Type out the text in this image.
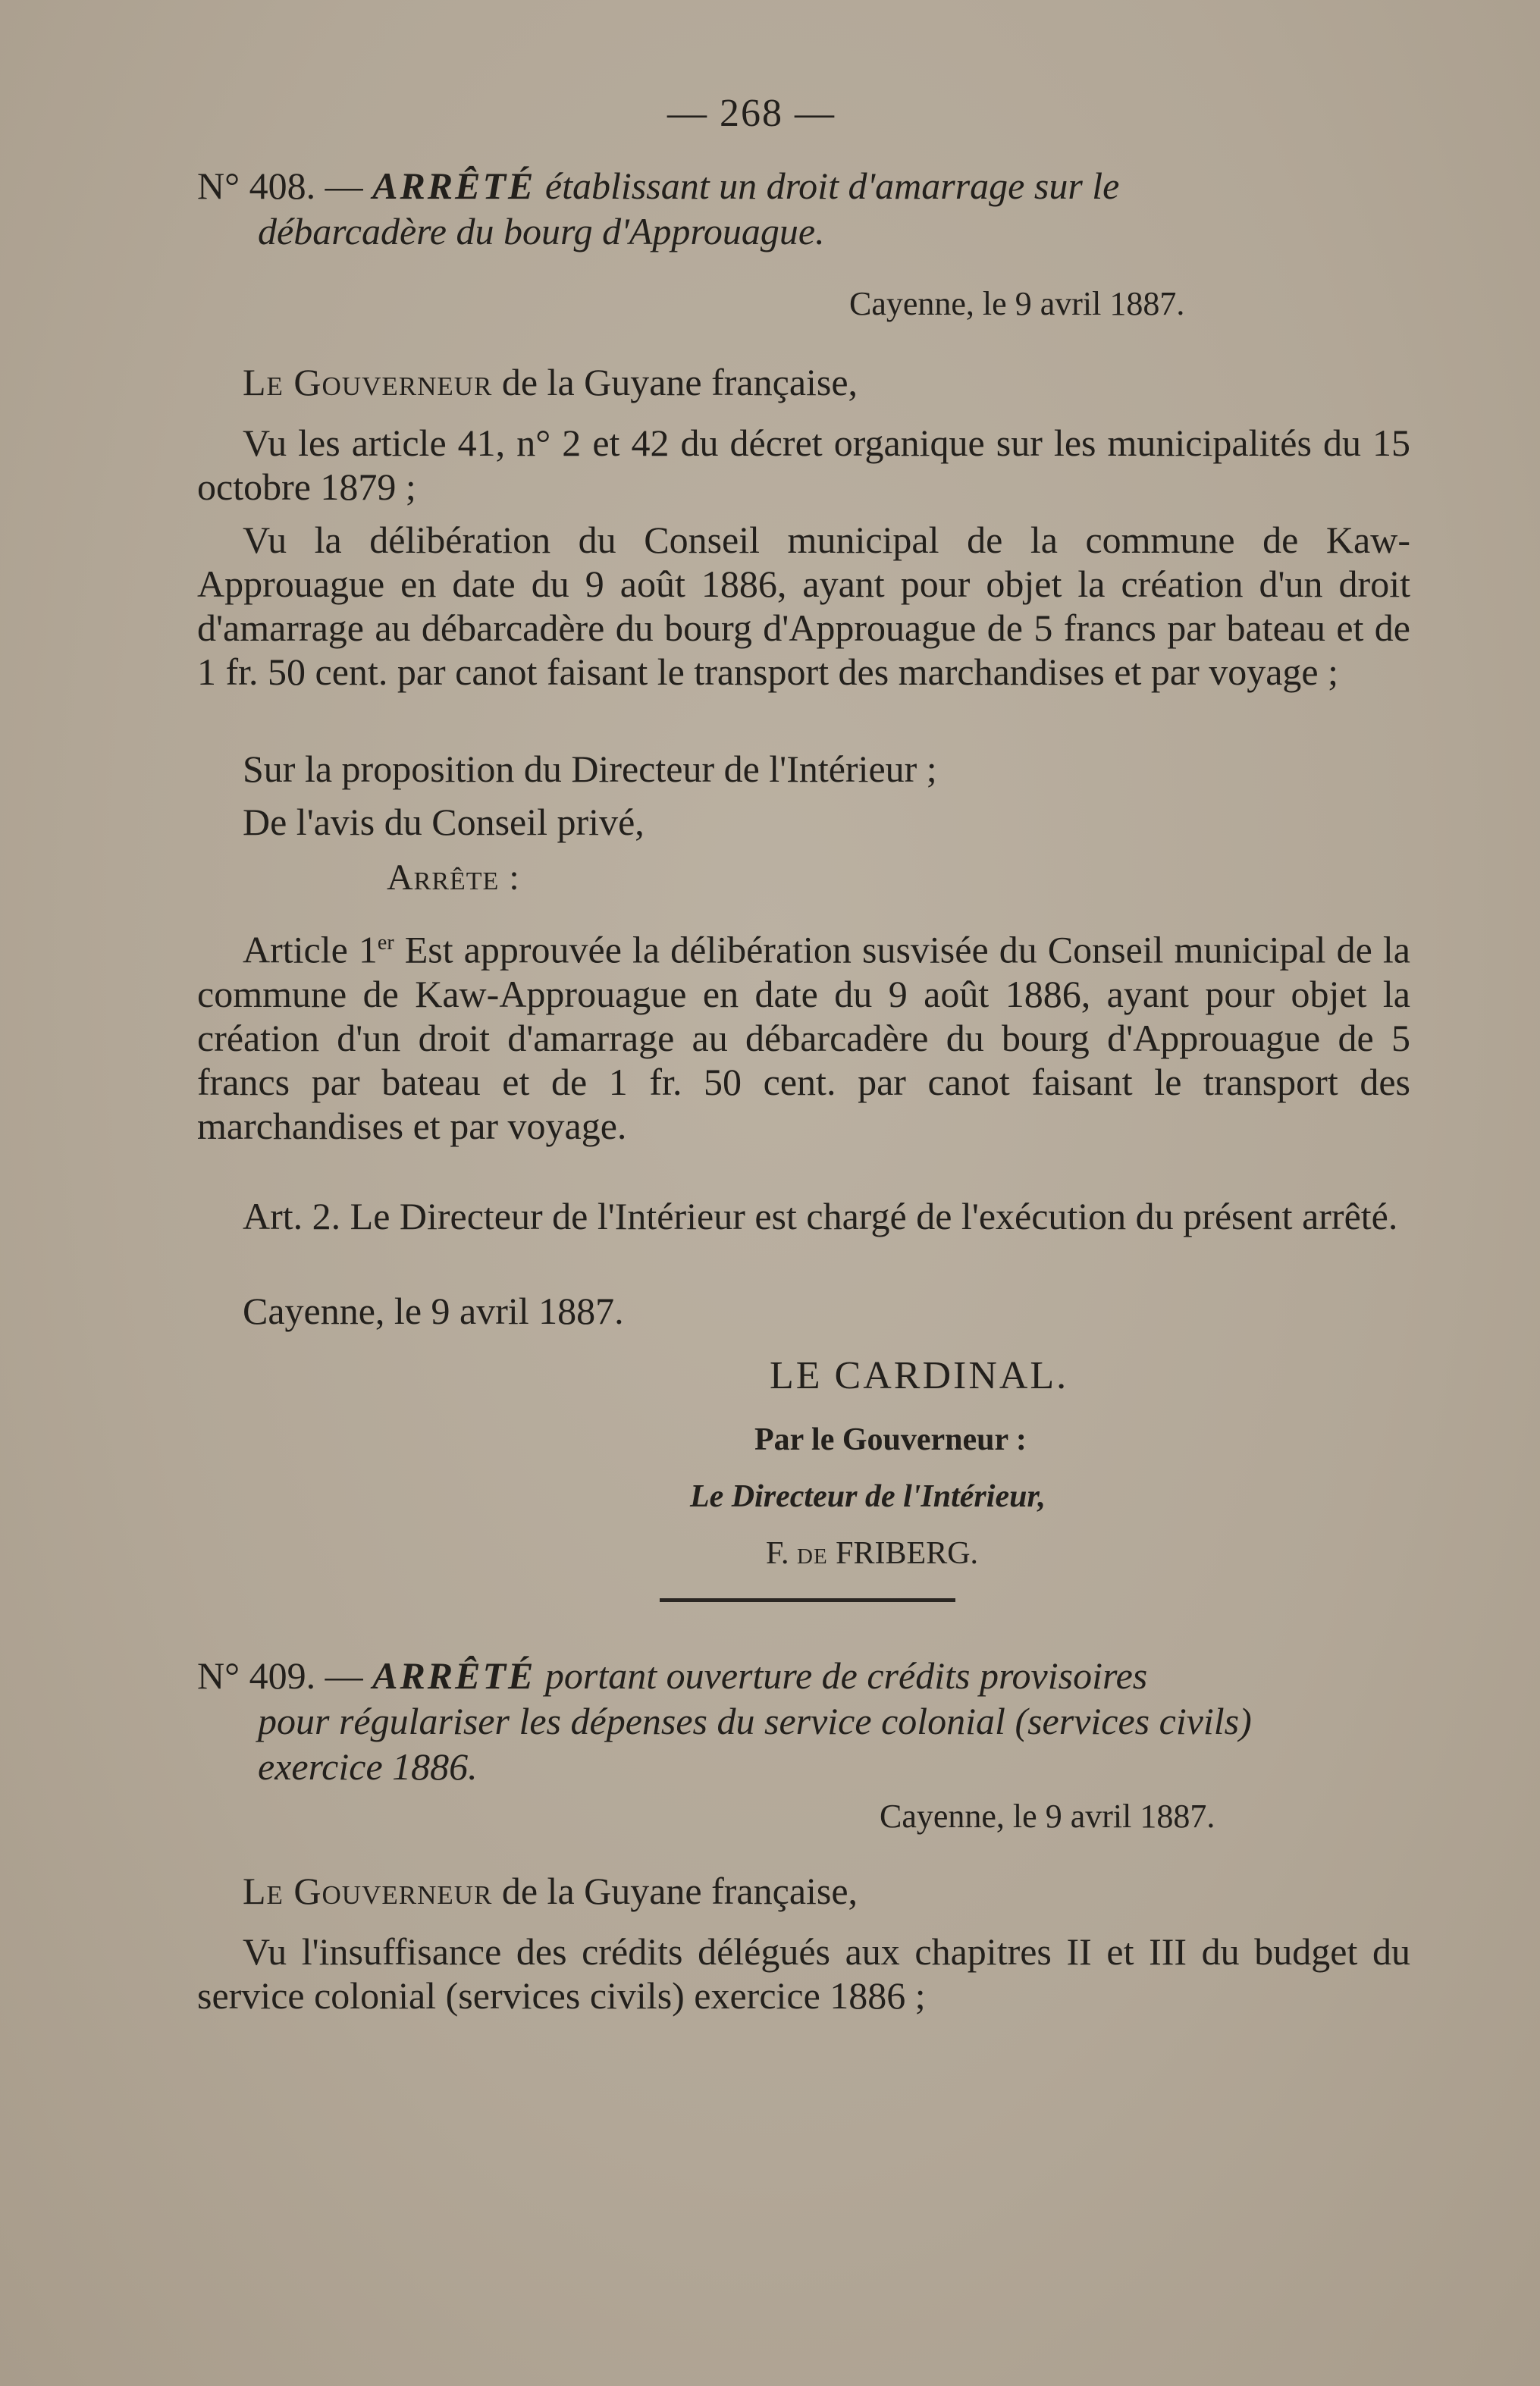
— 268 —
N° 408. — ARRÊTÉ établissant un droit d'amarrage sur le
débarcadère du bourg d'Approuague.
Cayenne, le 9 avril 1887.
Le Gouverneur de la Guyane française,
Vu les article 41, n° 2 et 42 du décret organique sur les municipalités du 15 octobre 1879 ;
Vu la délibération du Conseil municipal de la commune de Kaw-Approuague en date du 9 août 1886, ayant pour objet la création d'un droit d'amarrage au débarcadère du bourg d'Approuague de 5 francs par bateau et de 1 fr. 50 cent. par canot faisant le transport des marchandises et par voyage ;
Sur la proposition du Directeur de l'Intérieur ;
De l'avis du Conseil privé,
Arrête :
Article 1er Est approuvée la délibération susvisée du Conseil municipal de la commune de Kaw-Approuague en date du 9 août 1886, ayant pour objet la création d'un droit d'amarrage au débarcadère du bourg d'Approuague de 5 francs par bateau et de 1 fr. 50 cent. par canot faisant le transport des marchandises et par voyage.
Art. 2. Le Directeur de l'Intérieur est chargé de l'exécution du présent arrêté.
Cayenne, le 9 avril 1887.
LE CARDINAL.
Par le Gouverneur :
Le Directeur de l'Intérieur,
F. de FRIBERG.
N° 409. — ARRÊTÉ portant ouverture de crédits provisoires
pour régulariser les dépenses du service colonial (services civils)
exercice 1886.
Cayenne, le 9 avril 1887.
Le Gouverneur de la Guyane française,
Vu l'insuffisance des crédits délégués aux chapitres II et III du budget du service colonial (services civils) exercice 1886 ;
